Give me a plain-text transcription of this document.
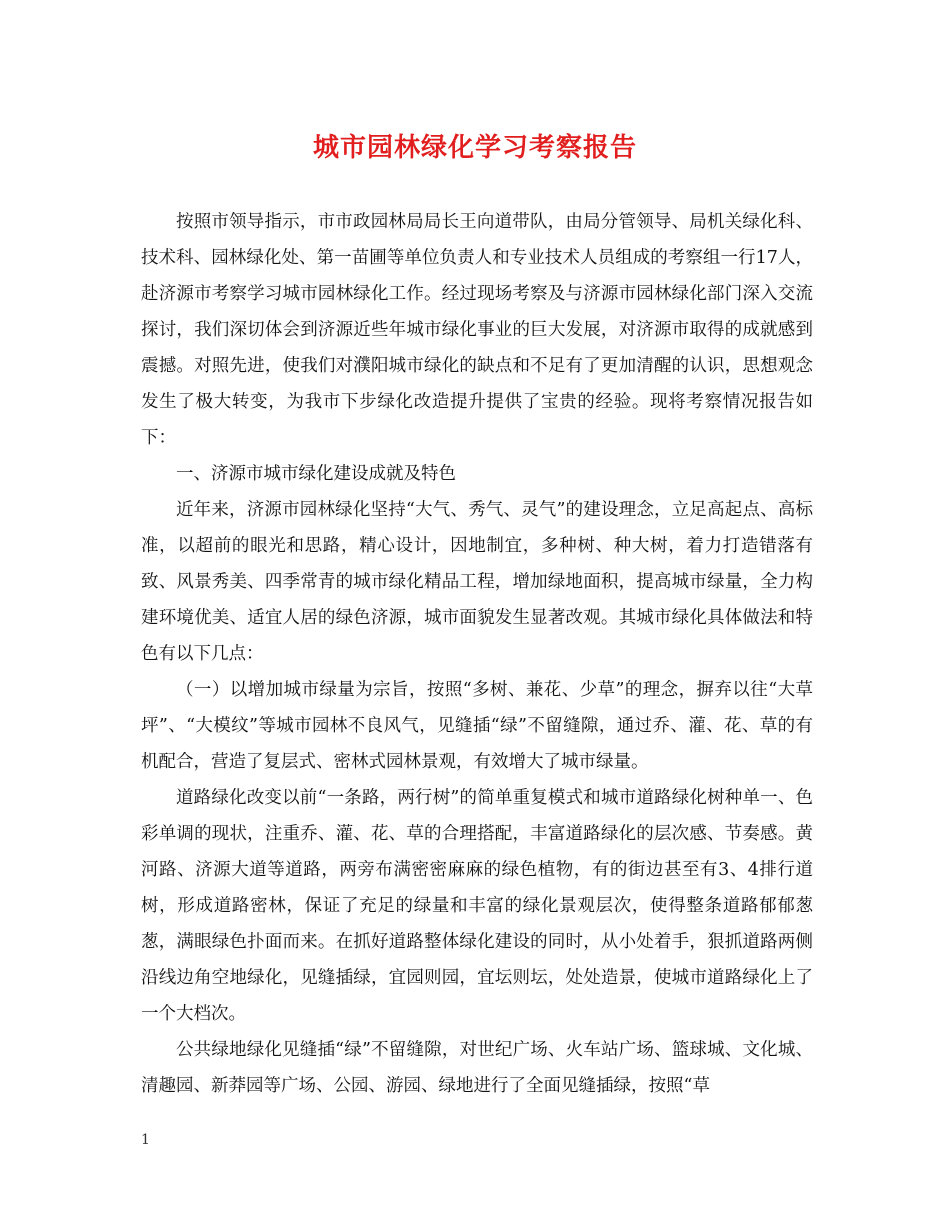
城市园林绿化学习考察报告

按照市领导指示，市市政园林局局长王向道带队，由局分管领导、局机关绿化科、技术科、园林绿化处、第一苗圃等单位负责人和专业技术人员组成的考察组一行17人，赴济源市考察学习城市园林绿化工作。经过现场考察及与济源市园林绿化部门深入交流探讨，我们深切体会到济源近些年城市绿化事业的巨大发展，对济源市取得的成就感到震撼。对照先进，使我们对濮阳城市绿化的缺点和不足有了更加清醒的认识，思想观念发生了极大转变，为我市下步绿化改造提升提供了宝贵的经验。现将考察情况报告如下：

一、济源市城市绿化建设成就及特色

近年来，济源市园林绿化坚持“大气、秀气、灵气”的建设理念，立足高起点、高标准，以超前的眼光和思路，精心设计，因地制宜，多种树、种大树，着力打造错落有致、风景秀美、四季常青的城市绿化精品工程，增加绿地面积，提高城市绿量，全力构建环境优美、适宜人居的绿色济源，城市面貌发生显著改观。其城市绿化具体做法和特色有以下几点：

（一）以增加城市绿量为宗旨，按照“多树、兼花、少草”的理念，摒弃以往“大草坪”、“大模纹”等城市园林不良风气，见缝插“绿”不留缝隙，通过乔、灌、花、草的有机配合，营造了复层式、密林式园林景观，有效增大了城市绿量。

道路绿化改变以前“一条路，两行树”的简单重复模式和城市道路绿化树种单一、色彩单调的现状，注重乔、灌、花、草的合理搭配，丰富道路绿化的层次感、节奏感。黄河路、济源大道等道路，两旁布满密密麻麻的绿色植物，有的街边甚至有3、4排行道树，形成道路密林，保证了充足的绿量和丰富的绿化景观层次，使得整条道路郁郁葱葱，满眼绿色扑面而来。在抓好道路整体绿化建设的同时，从小处着手，狠抓道路两侧沿线边角空地绿化，见缝插绿，宜园则园，宜坛则坛，处处造景，使城市道路绿化上了一个大档次。

公共绿地绿化见缝插“绿”不留缝隙，对世纪广场、火车站广场、篮球城、文化城、清趣园、新莽园等广场、公园、游园、绿地进行了全面见缝插绿，按照“草

1
